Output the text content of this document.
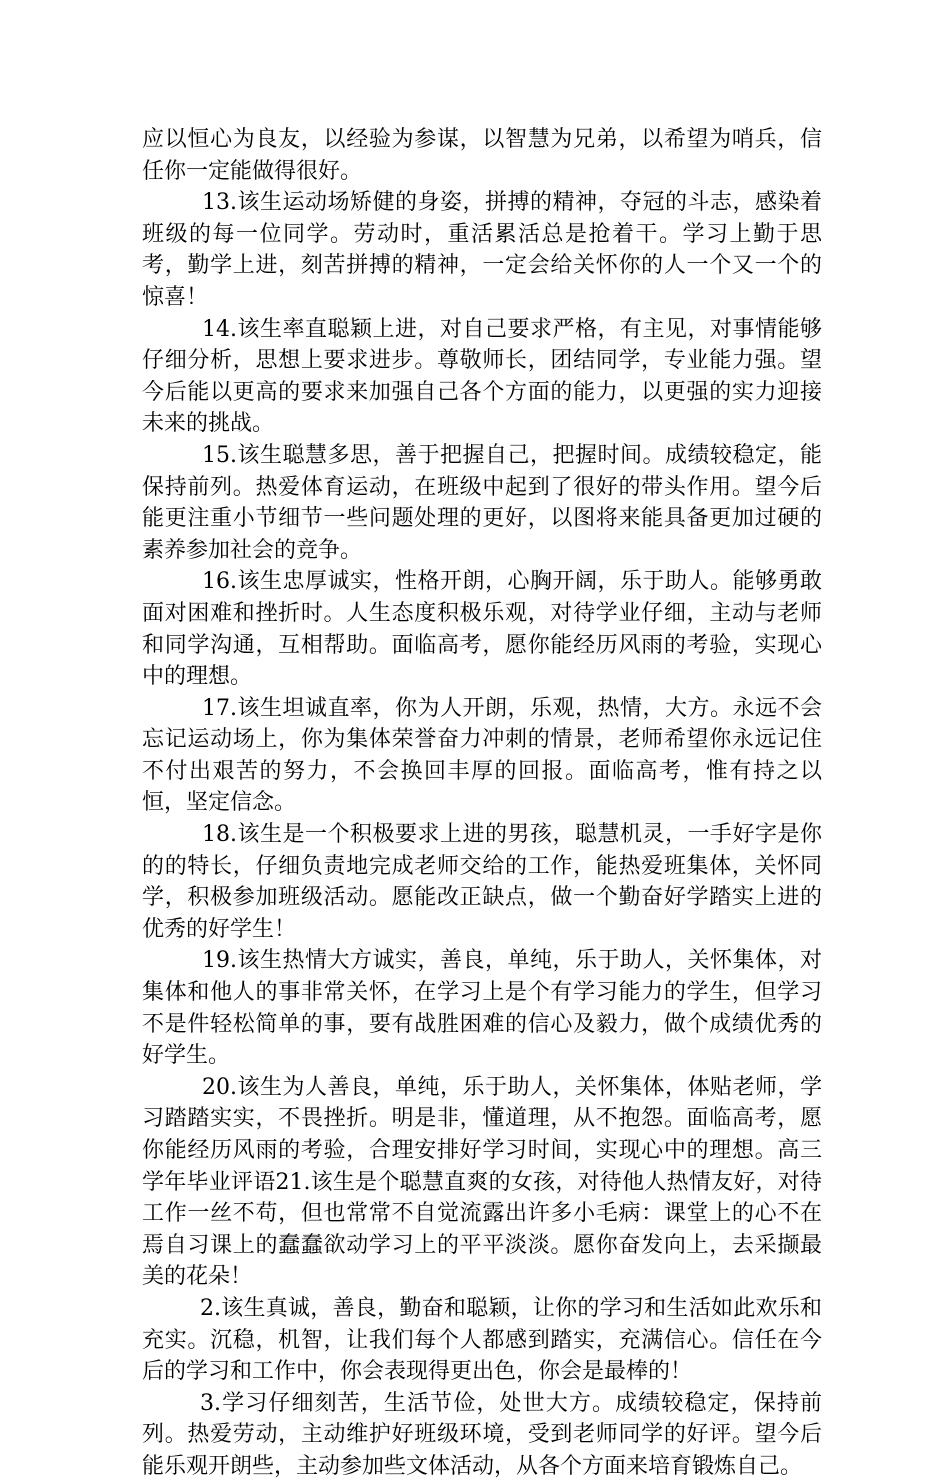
应以恒心为良友，以经验为参谋，以智慧为兄弟，以希望为哨兵，信任你一定能做得很好。

13.该生运动场矫健的身姿，拼搏的精神，夺冠的斗志，感染着班级的每一位同学。劳动时，重活累活总是抢着干。学习上勤于思考，勤学上进，刻苦拼搏的精神，一定会给关怀你的人一个又一个的惊喜！

14.该生率直聪颖上进，对自己要求严格，有主见，对事情能够仔细分析，思想上要求进步。尊敬师长，团结同学，专业能力强。望今后能以更高的要求来加强自己各个方面的能力，以更强的实力迎接未来的挑战。

15.该生聪慧多思，善于把握自己，把握时间。成绩较稳定，能保持前列。热爱体育运动，在班级中起到了很好的带头作用。望今后能更注重小节细节一些问题处理的更好，以图将来能具备更加过硬的素养参加社会的竞争。

16.该生忠厚诚实，性格开朗，心胸开阔，乐于助人。能够勇敢面对困难和挫折时。人生态度积极乐观，对待学业仔细，主动与老师和同学沟通，互相帮助。面临高考，愿你能经历风雨的考验，实现心中的理想。

17.该生坦诚直率，你为人开朗，乐观，热情，大方。永远不会忘记运动场上，你为集体荣誉奋力冲刺的情景，老师希望你永远记住不付出艰苦的努力，不会换回丰厚的回报。面临高考，惟有持之以恒，坚定信念。

18.该生是一个积极要求上进的男孩，聪慧机灵，一手好字是你的的特长，仔细负责地完成老师交给的工作，能热爱班集体，关怀同学，积极参加班级活动。愿能改正缺点，做一个勤奋好学踏实上进的优秀的好学生！

19.该生热情大方诚实，善良，单纯，乐于助人，关怀集体，对集体和他人的事非常关怀，在学习上是个有学习能力的学生，但学习不是件轻松简单的事，要有战胜困难的信心及毅力，做个成绩优秀的好学生。

20.该生为人善良，单纯，乐于助人，关怀集体，体贴老师，学习踏踏实实，不畏挫折。明是非，懂道理，从不抱怨。面临高考，愿你能经历风雨的考验，合理安排好学习时间，实现心中的理想。高三学年毕业评语21.该生是个聪慧直爽的女孩，对待他人热情友好，对待工作一丝不苟，但也常常不自觉流露出许多小毛病：课堂上的心不在焉自习课上的蠢蠢欲动学习上的平平淡淡。愿你奋发向上，去采撷最美的花朵！

2.该生真诚，善良，勤奋和聪颖，让你的学习和生活如此欢乐和充实。沉稳，机智，让我们每个人都感到踏实，充满信心。信任在今后的学习和工作中，你会表现得更出色，你会是最棒的！

3.学习仔细刻苦，生活节俭，处世大方。成绩较稳定，保持前列。热爱劳动，主动维护好班级环境，受到老师同学的好评。望今后能乐观开朗些，主动参加些文体活动，从各个方面来培育锻炼自己。
